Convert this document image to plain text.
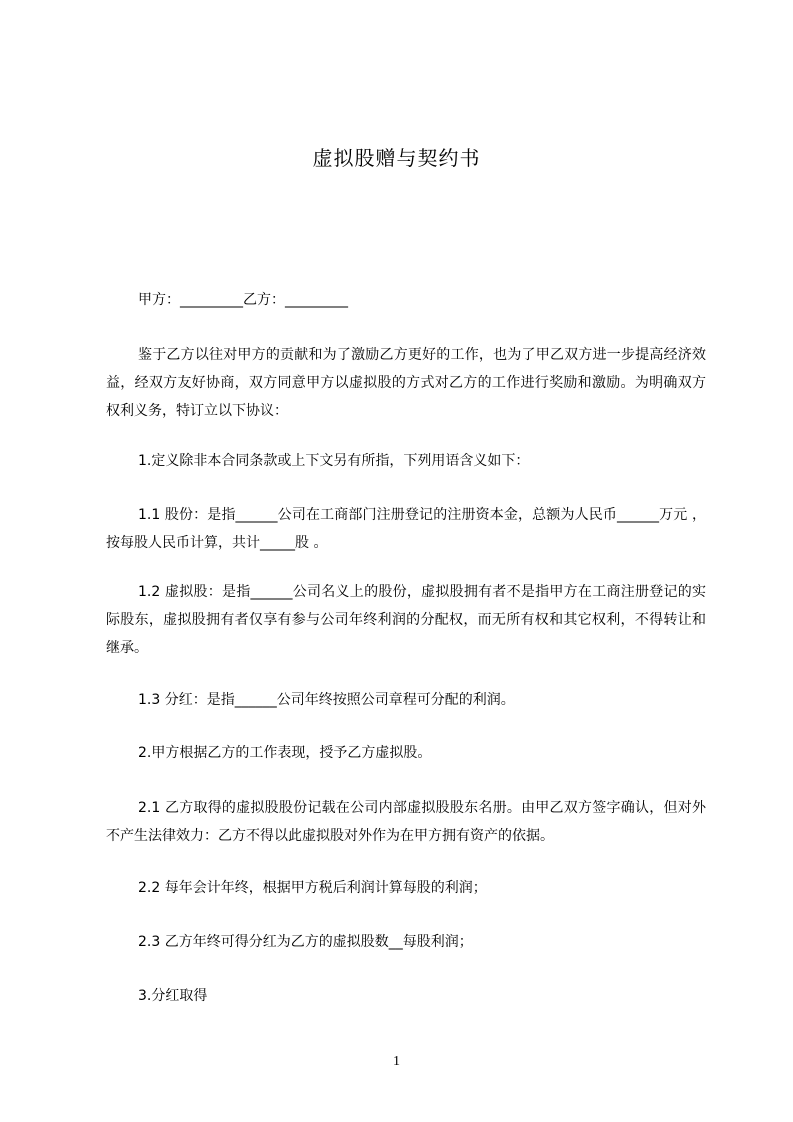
虚拟股赠与契约书
甲方：_________乙方：_________
鉴于乙方以往对甲方的贡献和为了激励乙方更好的工作，也为了甲乙双方进一步提高经济效益，经双方友好协商，双方同意甲方以虚拟股的方式对乙方的工作进行奖励和激励。为明确双方权利义务，特订立以下协议：
1.定义除非本合同条款或上下文另有所指，下列用语含义如下：
1.1 股份：是指______公司在工商部门注册登记的注册资本金，总额为人民币______万元 ，按每股人民币计算，共计_____股 。
1.2 虚拟股：是指______公司名义上的股份，虚拟股拥有者不是指甲方在工商注册登记的实际股东，虚拟股拥有者仅享有参与公司年终利润的分配权，而无所有权和其它权利，不得转让和继承。
1.3 分红：是指______公司年终按照公司章程可分配的利润。
2.甲方根据乙方的工作表现，授予乙方虚拟股。
2.1 乙方取得的虚拟股股份记载在公司内部虚拟股股东名册。由甲乙双方签字确认，但对外不产生法律效力：乙方不得以此虚拟股对外作为在甲方拥有资产的依据。
2.2 每年会计年终，根据甲方税后利润计算每股的利润；
2.3 乙方年终可得分红为乙方的虚拟股数__每股利润；
3.分红取得
1
